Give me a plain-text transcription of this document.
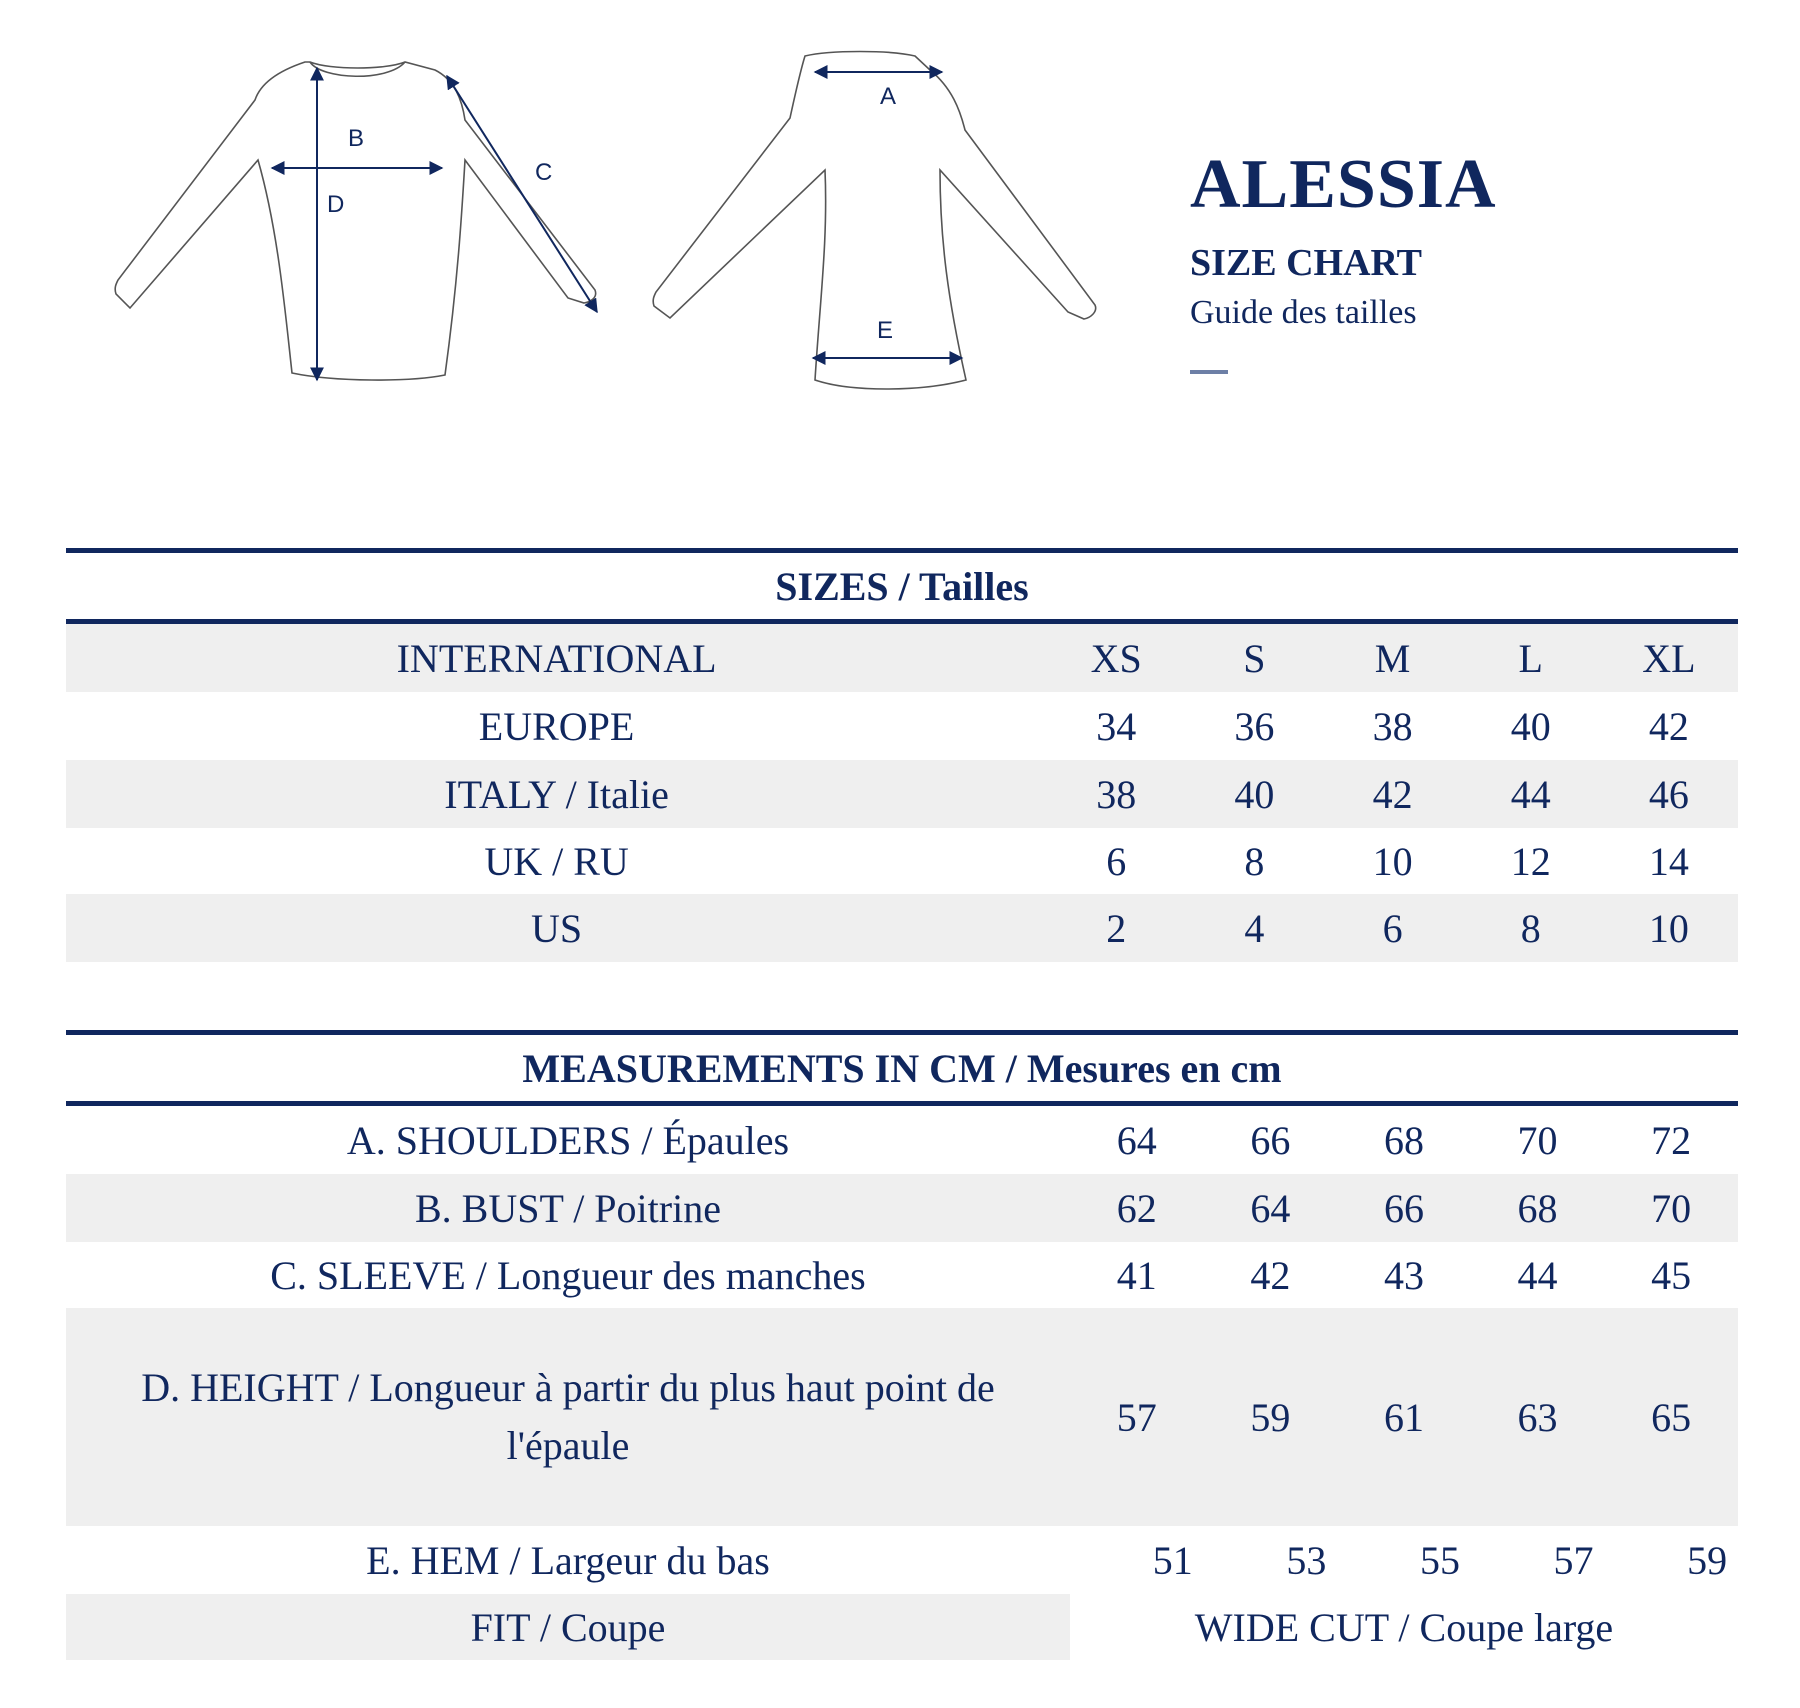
A
B
C
D
E
ALESSIA

SIZE CHART

Guide des tailles

SIZES / Tailles					
INTERNATIONAL	XS	S	M	L	XL
EUROPE	34	36	38	40	42
ITALY / Italie	38	40	42	44	46
UK / RU	6	8	10	12	14
US	2	4	6	8	10
MEASUREMENTS IN CM / Mesures en cm					
A. SHOULDERS / Épaules	64	66	68	70	72
B. BUST / Poitrine	62	64	66	68	70
C. SLEEVE / Longueur des manches	41	42	43	44	45
D. HEIGHT / Longueur à partir du plus haut point de l'épaule	57	59	61	63	65
E. HEM / Largeur du bas	51	53	55	57	59
FIT / Coupe	WIDE CUT / Coupe large				
